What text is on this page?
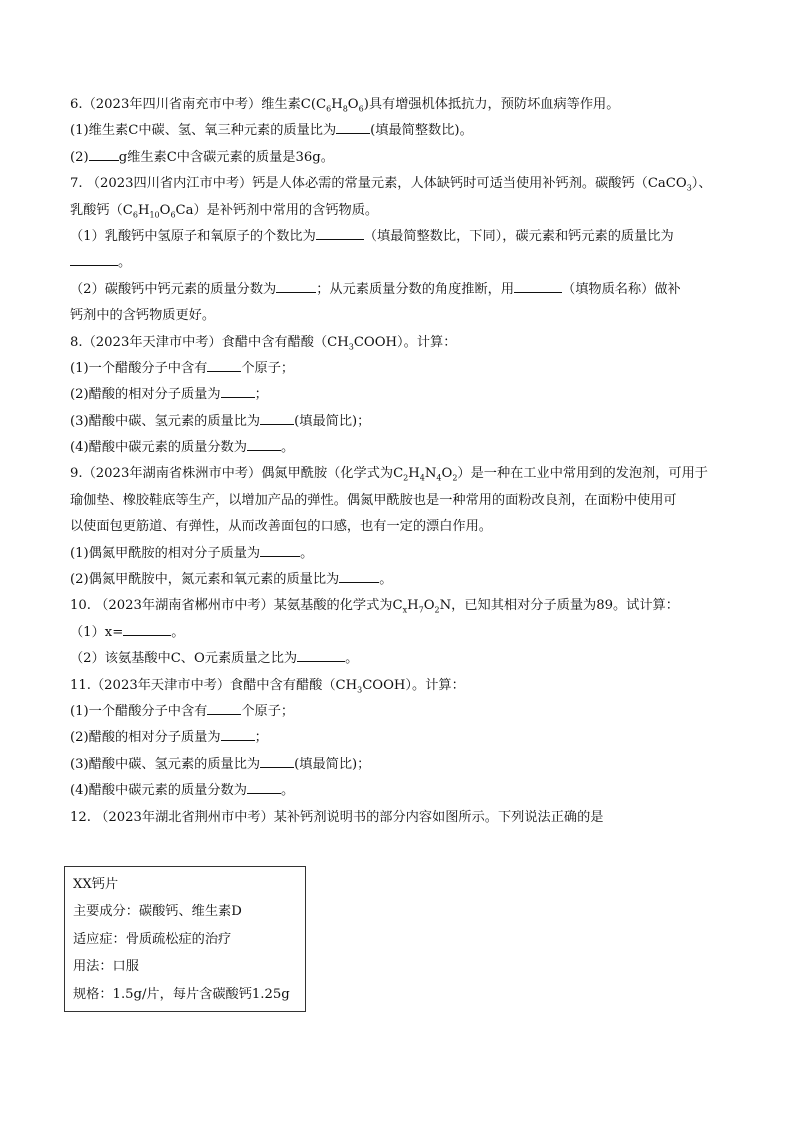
6.（2023年四川省南充市中考）维生素$C(C_6H_8O_6)$具有增强机体抵抗力，预防坏血病等作用。
(1)维生素C中碳、氢、氧三种元素的质量比为	(填最简整数比)。
(2) g维生素C中含碳元素的质量是36g。
7. （2023四川省内江市中考）钙是人体必需的常量元素，人体缺钙时可适当使用补钙剂。碳酸钙（CaCO$_3$）、
乳酸钙$(C_6H_{10}O_6Ca)$是补钙剂中常用的含钙物质。
（1）乳酸钙中氢原子和氧原子的个数比为	（填最简整数比，下同），碳元素和钙元素的质量比为
。
（2）碳酸钙中钙元素的质量分数为	；从元素质量分数的角度推断，用	（填物质名称）做补
钙剂中的含钙物质更好。
8.（2023年天津市中考）食醋中含有醋酸$(CH_3COOH)$。计算：
(1)一个醋酸分子中含有	个原子；
(2)醋酸的相对分子质量为	；
(3)醋酸中碳、氢元素的质量比为	(填最简比)；
(4)醋酸中碳元素的质量分数为	。
9.（2023年湖南省株洲市中考）偶氮甲酰胺（化学式为$C_2H_4N_4O_2$）是一种在工业中常用到的发泡剂，可用于
瑜伽垫、橡胶鞋底等生产，以增加产品的弹性。偶氮甲酰胺也是一种常用的面粉改良剂，在面粉中使用可
以使面包更筋道、有弹性，从而改善面包的口感，也有一定的漂白作用。
(1)偶氮甲酰胺的相对分子质量为	。
(2)偶氮甲酰胺中，氮元素和氧元素的质量比为	。
10. （2023年湖南省郴州市中考）某氨基酸的化学式为$C_xH_7O_2N$，已知其相对分子质量为89。试计算：
（1）x=	。
（2）该氨基酸中C、O元素质量之比为	。
11.（2023年天津市中考）食醋中含有醋酸$(CH_3COOH)$。计算：
(1)一个醋酸分子中含有	个原子；
(2)醋酸的相对分子质量为	；
(3)醋酸中碳、氢元素的质量比为	(填最简比)；
(4)醋酸中碳元素的质量分数为	。
12. （2023年湖北省荆州市中考）某补钙剂说明书的部分内容如图所示。下列说法正确的是
XX钙片
主要成分：碳酸钙、维生素D
适应症：骨质疏松症的治疗
用法：口服
规格：1.5g/片，每片含碳酸钙1.25g
